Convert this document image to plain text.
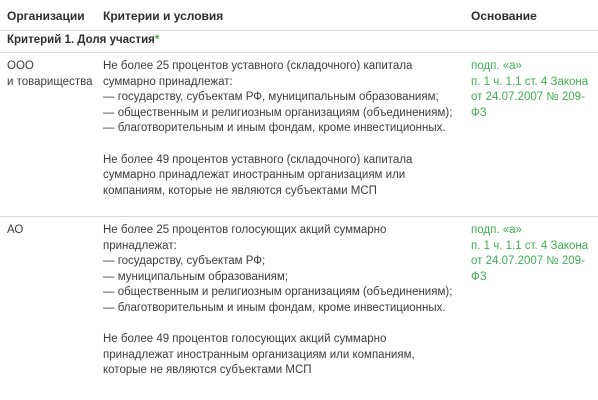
Организации Критерии и условия	Основание
Критерий 1. Доля участия*
ООО
и товарищества
Не более 25 процентов уставного (складочного) капитала
суммарно принадлежат:
— государству, субъектам РФ, муниципальным образованиям;
— общественным и религиозным организациям (объединениям);
— благотворительным и иным фондам, кроме инвестиционных.
Не более 49 процентов уставного (складочного) капитала
суммарно принадлежат иностранным организациям или
компаниям, которые не являются субъектами МСП
подп. «а»
п. 1 ч. 1.1 ст. 4 Закона
от 24.07.2007 № 209-
ФЗ
АО	Не более 25 процентов голосующих акций суммарно
принадлежат:
— государству, субъектам РФ;
— муниципальным образованиям;
— общественным и религиозным организациям (объединениям);
— благотворительным и иным фондам, кроме инвестиционных.
Не более 49 процентов голосующих акций суммарно
принадлежат иностранным организациям или компаниям,
которые не являются субъектами МСП
подп. «а»
п. 1 ч. 1.1 ст. 4 Закона
от 24.07.2007 № 209-
ФЗ
